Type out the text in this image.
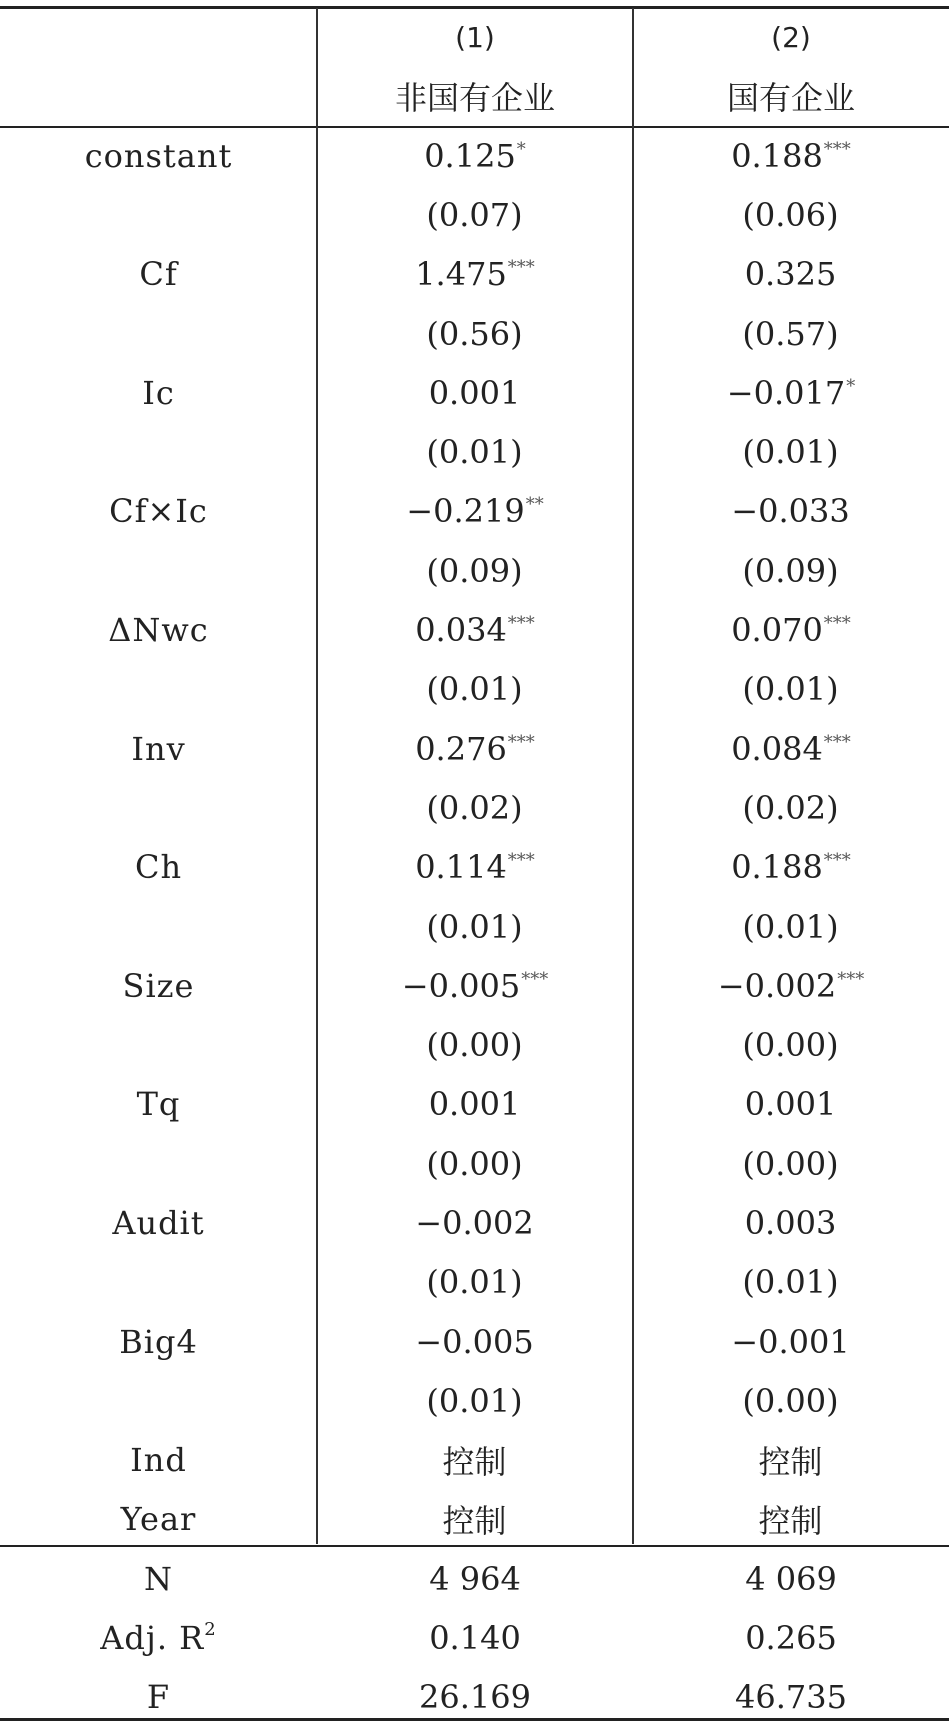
	(1)	(2)
	非国有企业	国有企业
constant	0.125*	0.188***
	(0.07)	(0.06)
Cf	1.475***	0.325
	(0.56)	(0.57)
Ic	0.001	−0.017*
	(0.01)	(0.01)
Cf×Ic	−0.219**	−0.033
	(0.09)	(0.09)
ΔNwc	0.034***	0.070***
	(0.01)	(0.01)
Inv	0.276***	0.084***
	(0.02)	(0.02)
Ch	0.114***	0.188***
	(0.01)	(0.01)
Size	−0.005***	−0.002***
	(0.00)	(0.00)
Tq	0.001	0.001
	(0.00)	(0.00)
Audit	−0.002	0.003
	(0.01)	(0.01)
Big4	−0.005	−0.001
	(0.01)	(0.00)
Ind	控制	控制
Year	控制	控制
N	4 964	4 069
Adj. $R^2$	0.140	0.265
F	26.169	46.735
